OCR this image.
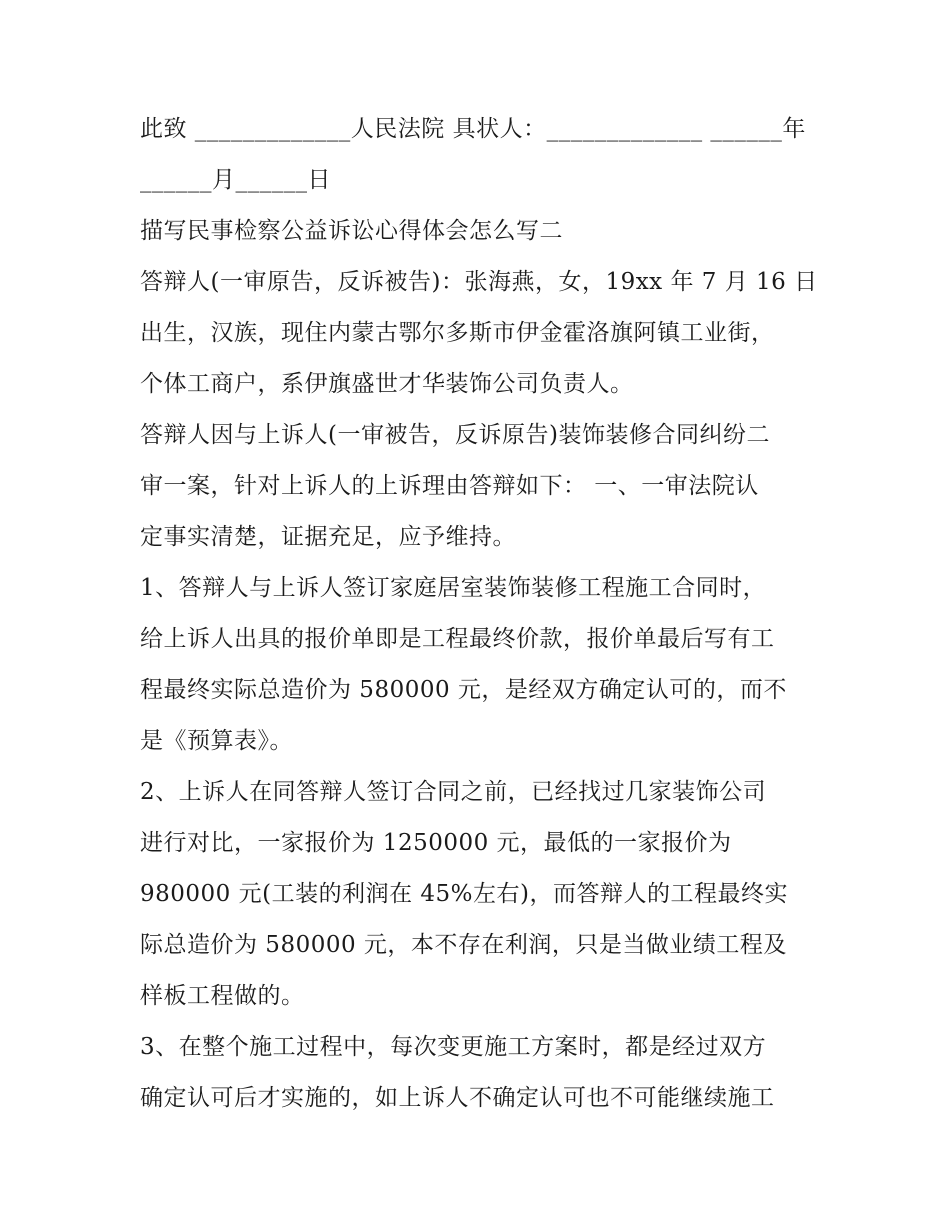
此致 _____________人民法院 具状人：_____________ ______年
______月______日
描写民事检察公益诉讼心得体会怎么写二
答辩人(一审原告，反诉被告)：张海燕，女，19xx 年 7 月 16 日
出生，汉族，现住内蒙古鄂尔多斯市伊金霍洛旗阿镇工业街，
个体工商户，系伊旗盛世才华装饰公司负责人。
答辩人因与上诉人(一审被告，反诉原告)装饰装修合同纠纷二
审一案，针对上诉人的上诉理由答辩如下： 一、一审法院认
定事实清楚，证据充足，应予维持。
1、答辩人与上诉人签订家庭居室装饰装修工程施工合同时，
给上诉人出具的报价单即是工程最终价款，报价单最后写有工
程最终实际总造价为 580000 元，是经双方确定认可的，而不
是《预算表》。
2、上诉人在同答辩人签订合同之前，已经找过几家装饰公司
进行对比，一家报价为 1250000 元，最低的一家报价为
980000 元(工装的利润在 45%左右)，而答辩人的工程最终实
际总造价为 580000 元，本不存在利润，只是当做业绩工程及
样板工程做的。
3、在整个施工过程中，每次变更施工方案时，都是经过双方
确定认可后才实施的，如上诉人不确定认可也不可能继续施工
